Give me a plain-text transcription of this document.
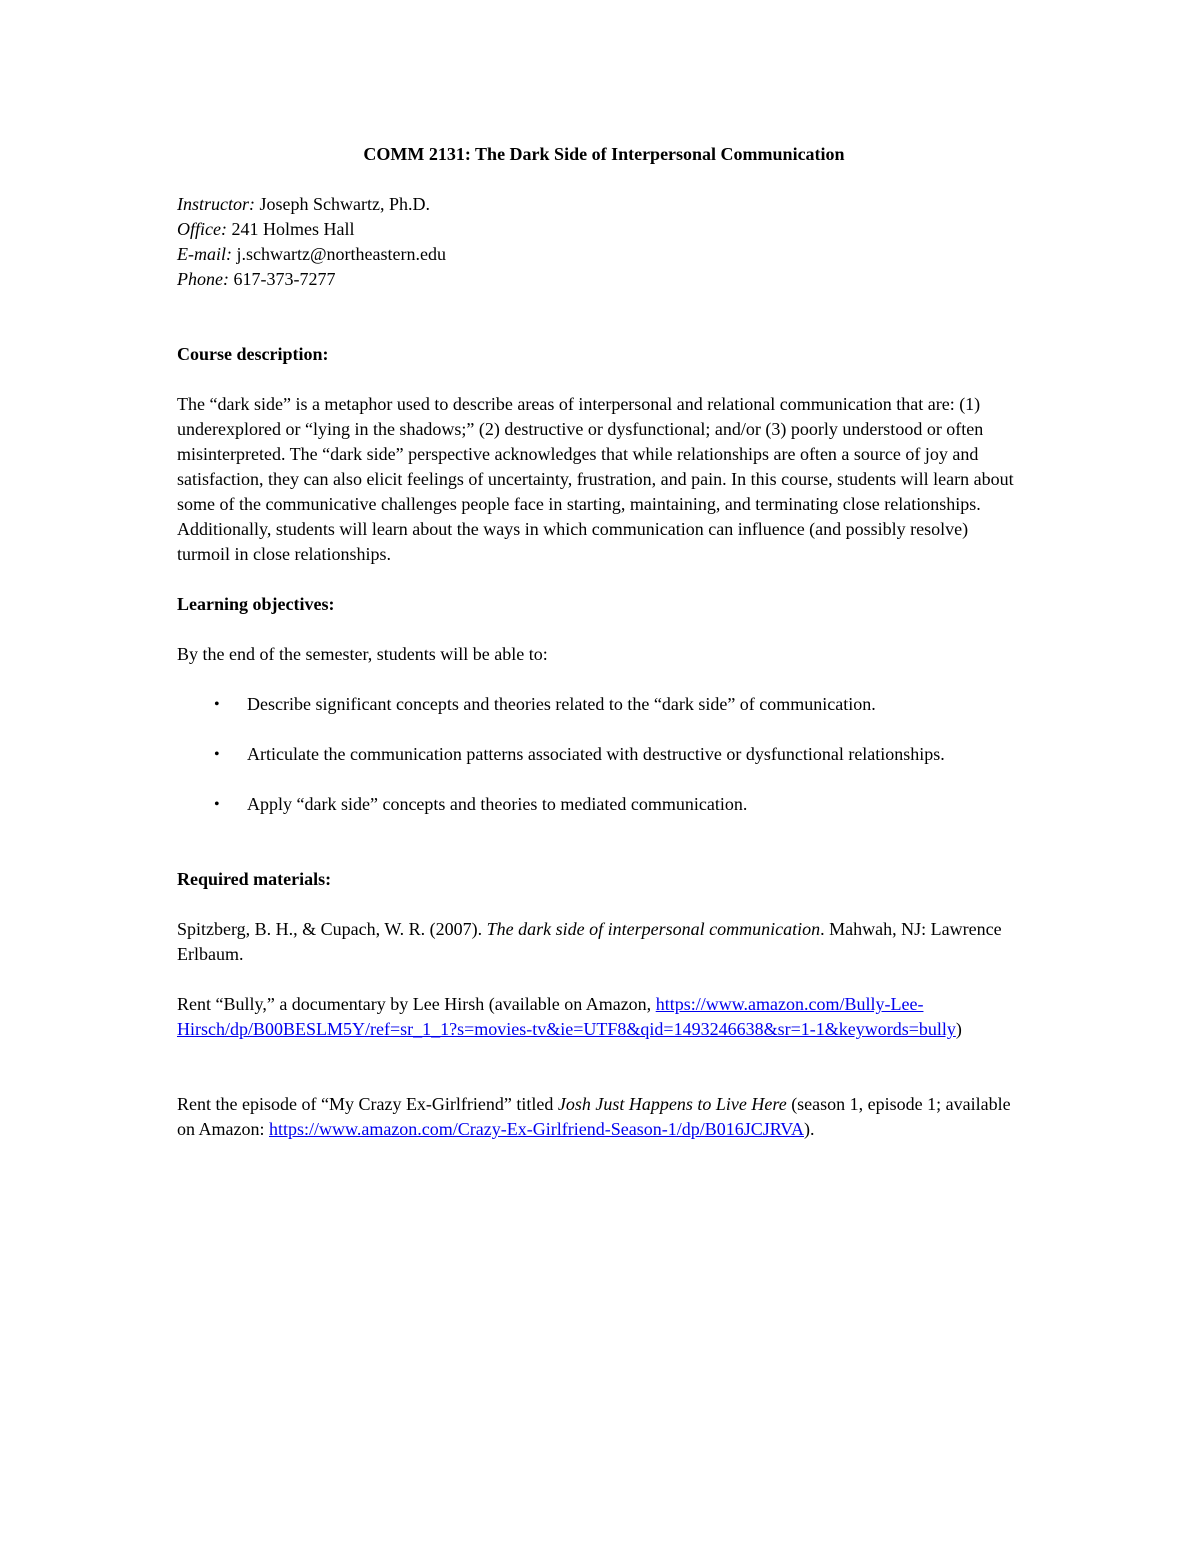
COMM 2131: The Dark Side of Interpersonal Communication

Instructor: Joseph Schwartz, Ph.D.
Office: 241 Holmes Hall
E-mail: j.schwartz@northeastern.edu
Phone: 617-373-7277

Course description:

The “dark side” is a metaphor used to describe areas of interpersonal and relational communication that are: (1) underexplored or “lying in the shadows;” (2) destructive or dysfunctional; and/or (3) poorly understood or often misinterpreted. The “dark side” perspective acknowledges that while relationships are often a source of joy and satisfaction, they can also elicit feelings of uncertainty, frustration, and pain. In this course, students will learn about some of the communicative challenges people face in starting, maintaining, and terminating close relationships. Additionally, students will learn about the ways in which communication can influence (and possibly resolve) turmoil in close relationships.

Learning objectives:

By the end of the semester, students will be able to:

• Describe significant concepts and theories related to the “dark side” of communication.
• Articulate the communication patterns associated with destructive or dysfunctional relationships.
• Apply “dark side” concepts and theories to mediated communication.

Required materials:

Spitzberg, B. H., & Cupach, W. R. (2007). The dark side of interpersonal communication. Mahwah, NJ: Lawrence Erlbaum.

Rent “Bully,” a documentary by Lee Hirsh (available on Amazon, https://www.amazon.com/Bully-Lee-Hirsch/dp/B00BESLM5Y/ref=sr_1_1?s=movies-tv&ie=UTF8&qid=1493246638&sr=1-1&keywords=bully)

Rent the episode of “My Crazy Ex-Girlfriend” titled Josh Just Happens to Live Here (season 1, episode 1; available on Amazon: https://www.amazon.com/Crazy-Ex-Girlfriend-Season-1/dp/B016JCJRVA).
